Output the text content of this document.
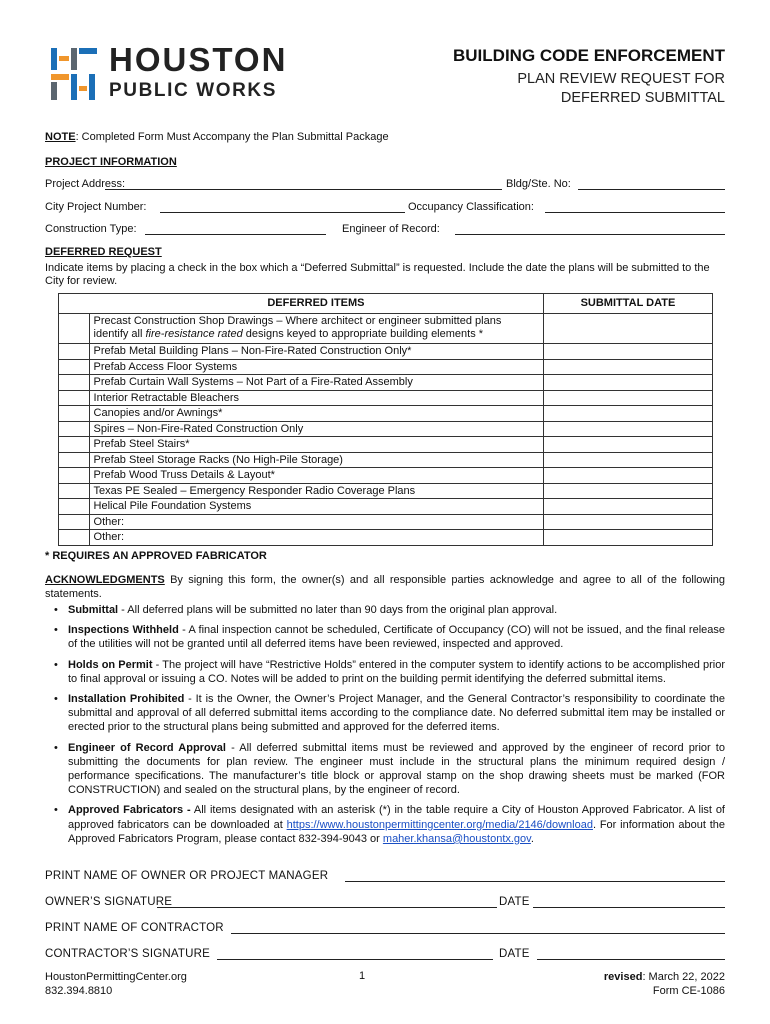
HOUSTON
PUBLIC WORKS
BUILDING CODE ENFORCEMENT
PLAN REVIEW REQUEST FOR
DEFERRED SUBMITTAL
NOTE: Completed Form Must Accompany the Plan Submittal Package
PROJECT INFORMATION
Project Address:	Bldg/Ste. No:
City Project Number:	Occupancy Classification:
Construction Type:	Engineer of Record:
DEFERRED REQUEST
Indicate items by placing a check in the box which a “Deferred Submittal” is requested. Include the date the plans will be submitted to the City for review.
	DEFERRED ITEMS	SUBMITTAL DATE

	Precast Construction Shop Drawings – Where architect or engineer submitted plans
identify all fire-resistance rated designs keyed to appropriate building elements *	

	Prefab Metal Building Plans – Non-Fire-Rated Construction Only*	
	Prefab Access Floor Systems	
	Prefab Curtain Wall Systems – Not Part of a Fire-Rated Assembly	
	Interior Retractable Bleachers	
	Canopies and/or Awnings*	
	Spires – Non-Fire-Rated Construction Only	
	Prefab Steel Stairs*	
	Prefab Steel Storage Racks (No High-Pile Storage)	
	Prefab Wood Truss Details & Layout*	
	Texas PE Sealed – Emergency Responder Radio Coverage Plans	
	Helical Pile Foundation Systems	
	Other:	
	Other:	
* REQUIRES AN APPROVED FABRICATOR
ACKNOWLEDGMENTS By signing this form, the owner(s) and all responsible parties acknowledge and agree to all of the following statements.
• Submittal - All deferred plans will be submitted no later than 90 days from the original plan approval.
• Inspections Withheld - A final inspection cannot be scheduled, Certificate of Occupancy (CO) will not be issued, and the final release of the utilities will not be granted until all deferred items have been reviewed, inspected and approved.
• Holds on Permit - The project will have “Restrictive Holds” entered in the computer system to identify actions to be accomplished prior to final approval or issuing a CO. Notes will be added to print on the building permit identifying the deferred submittal items.
• Installation Prohibited - It is the Owner, the Owner’s Project Manager, and the General Contractor’s responsibility to coordinate the submittal and approval of all deferred submittal items according to the compliance date. No deferred submittal item may be installed or erected prior to the structural plans being submitted and approved for the deferred items.
• Engineer of Record Approval - All deferred submittal items must be reviewed and approved by the engineer of record prior to submitting the documents for plan review. The engineer must include in the structural plans the minimum required design / performance specifications. The manufacturer’s title block or approval stamp on the shop drawing sheets must be marked (FOR CONSTRUCTION) and sealed on the structural plans, by the engineer of record.
• Approved Fabricators - All items designated with an asterisk (*) in the table require a City of Houston Approved Fabricator. A list of approved fabricators can be downloaded at https://www.houstonpermittingcenter.org/media/2146/download. For information about the Approved Fabricators Program, please contact 832-394-9043 or maher.khansa@houstontx.gov.
PRINT NAME OF OWNER OR PROJECT MANAGER
OWNER’S SIGNATURE	DATE
PRINT NAME OF CONTRACTOR
CONTRACTOR’S SIGNATURE	DATE
HoustonPermittingCenter.org
832.394.8810
1	revised: March 22, 2022
Form CE-1086
